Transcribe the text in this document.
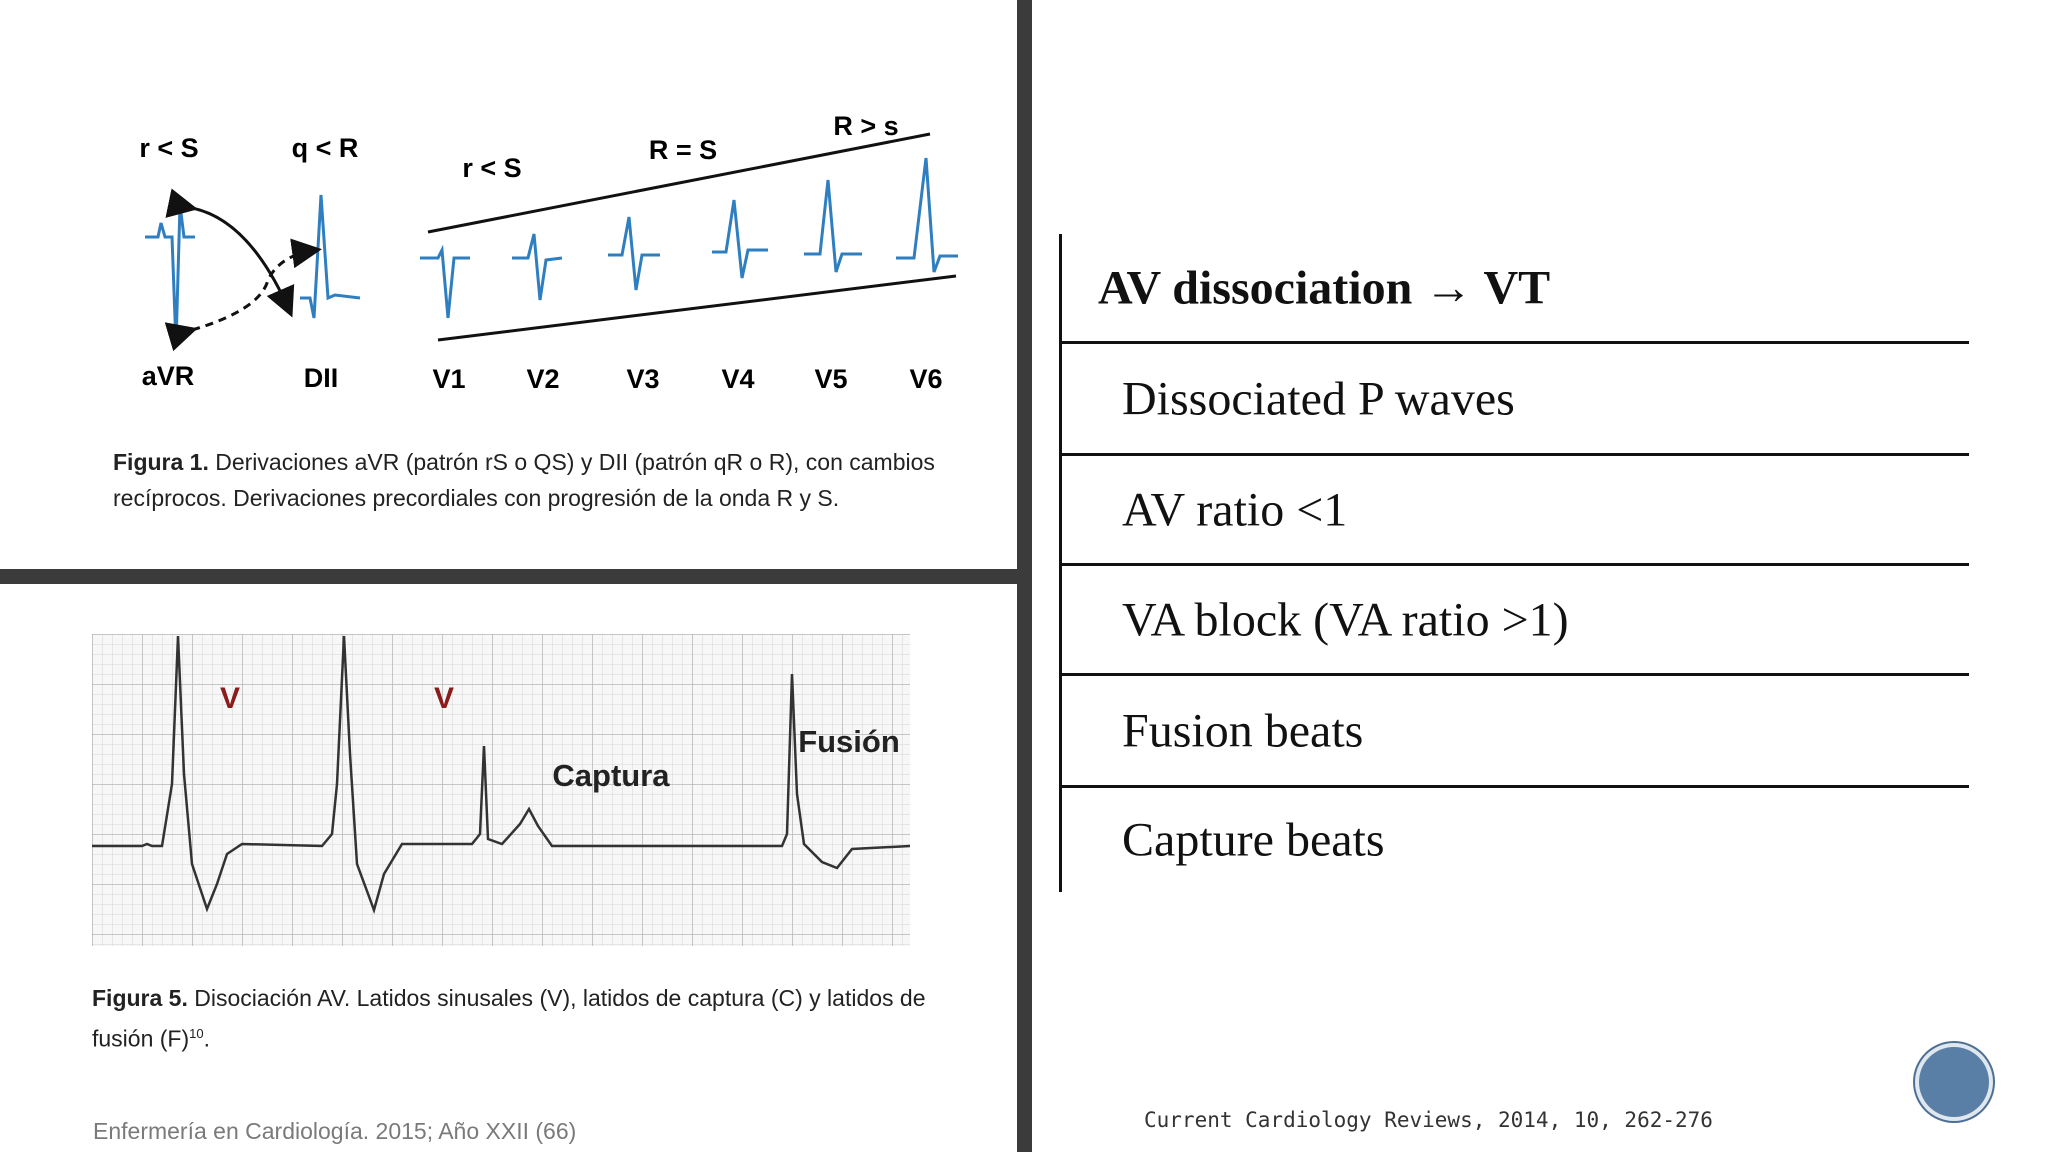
r < S	q < R
r < S
R = S
R > s
aVR	DII	V1 V2 V3 V4 V5 V6
Figura 1. Derivaciones aVR (patrón rS o QS) y DII (patrón qR o R), con cambios
recíprocos. Derivaciones precordiales con progresión de la onda R y S.
V	V
Captura
Fusión
Figura 5. Disociación AV. Latidos sinusales (V), latidos de captura (C) y latidos de
fusión $(F)^{10}$.
Enfermería en Cardiología. 2015; Año XXII (66)
AV dissociation → VT
Dissociated P waves
AV ratio <1
VA block (VA ratio >1)
Fusion beats
Capture beats
Current Cardiology Reviews, 2014, 10, 262-276
